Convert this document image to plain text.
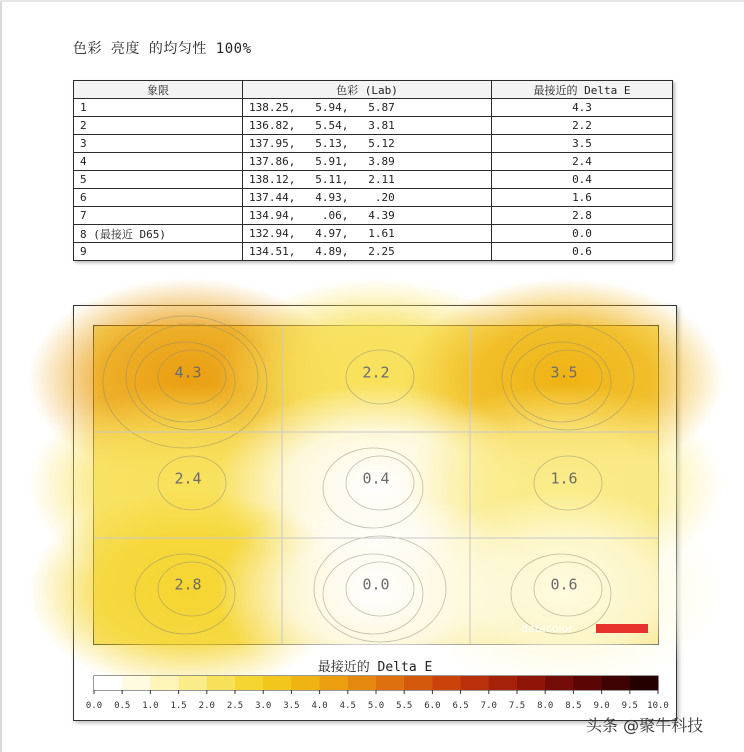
色彩 亮度 的均匀性 100%
象限	色彩 (Lab)	最接近的 Delta E
1	138.25,   5.94,   5.87	4.3
2	136.82,   5.54,   3.81	2.2
3	137.95,   5.13,   5.12	3.5
4	137.86,   5.91,   3.89	2.4
5	138.12,   5.11,   2.11	0.4
6	137.44,   4.93,    .20	1.6
7	134.94,    .06,   4.39	2.8
8 (最接近 D65)	132.94,   4.97,   1.61	0.0
9	134.51,   4.89,   2.25	0.6
4.3	2.2	3.5
2.4	0.4	1.6
2.8	0.0	0.6
datacolor
最接近的 Delta E
0.0 0.5 1.0 1.5 2.0 2.5 3.0 3.5 4.0 4.5 5.0 5.5 6.0 6.5 7.0 7.5 8.0 8.5 9.0 9.5 10.0
头条 @聚牛科技
